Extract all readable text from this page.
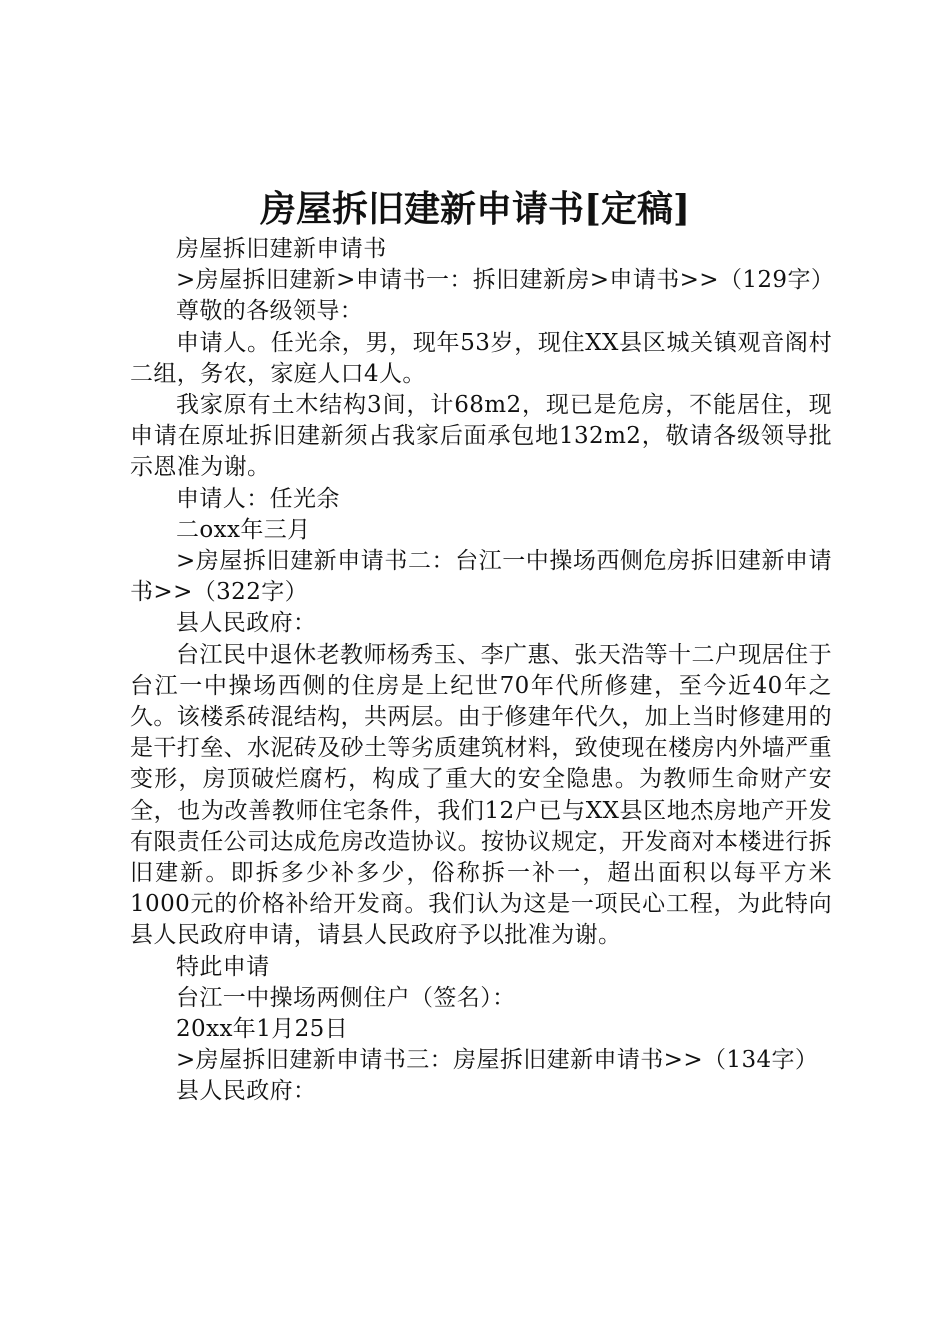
房屋拆旧建新申请书[定稿]

房屋拆旧建新申请书

>房屋拆旧建新>申请书一：拆旧建新房>申请书>>（129字）

尊敬的各级领导：

申请人。任光余，男，现年53岁，现住XX县区城关镇观音阁村二组，务农，家庭人口4人。

我家原有土木结构3间，计68m2，现已是危房，不能居住，现申请在原址拆旧建新须占我家后面承包地132m2，敬请各级领导批示恩准为谢。

申请人：任光余

二oxx年三月

>房屋拆旧建新申请书二：台江一中操场西侧危房拆旧建新申请书>>（322字）

县人民政府：

台江民中退休老教师杨秀玉、李广惠、张天浩等十二户现居住于台江一中操场西侧的住房是上纪世70年代所修建，至今近40年之久。该楼系砖混结构，共两层。由于修建年代久，加上当时修建用的是干打垒、水泥砖及砂土等劣质建筑材料，致使现在楼房内外墙严重变形，房顶破烂腐朽，构成了重大的安全隐患。为教师生命财产安全，也为改善教师住宅条件，我们12户已与XX县区地杰房地产开发有限责任公司达成危房改造协议。按协议规定，开发商对本楼进行拆旧建新。即拆多少补多少，俗称拆一补一，超出面积以每平方米1000元的价格补给开发商。我们认为这是一项民心工程，为此特向县人民政府申请，请县人民政府予以批准为谢。

特此申请

台江一中操场两侧住户（签名）：

20xx年1月25日

>房屋拆旧建新申请书三：房屋拆旧建新申请书>>（134字）

县人民政府：
